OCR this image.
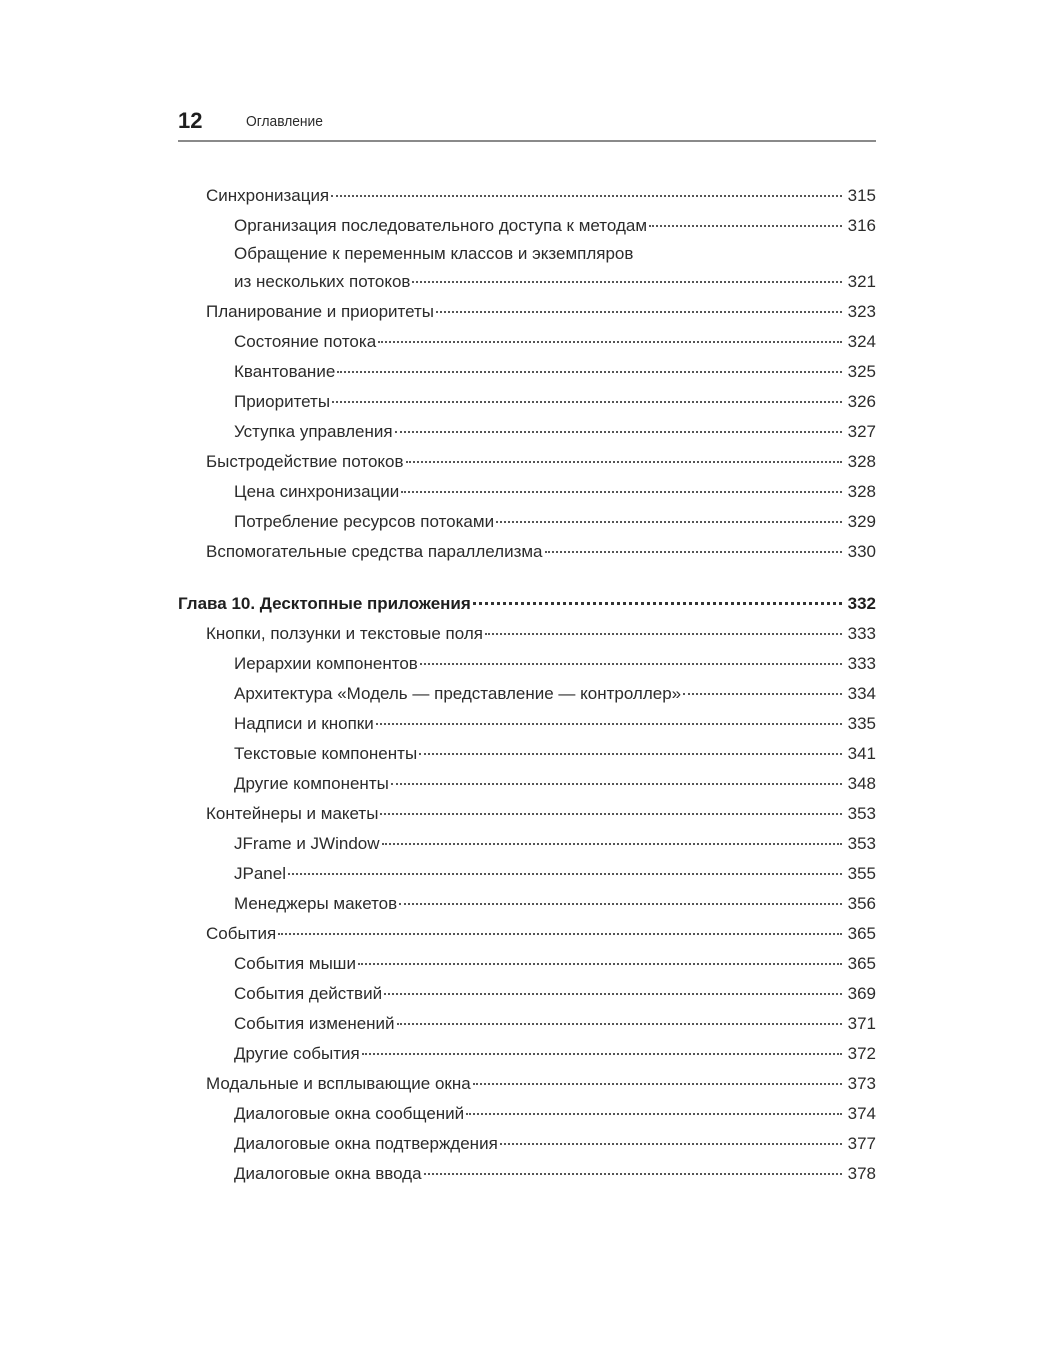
12	Оглавление
Синхронизация	315
Организация последовательного доступа к методам	316
Обращение к переменным классов и экземпляров
из нескольких потоков	321
Планирование и приоритеты	323
Состояние потока	324
Квантование	325
Приоритеты	326
Уступка управления	327
Быстродействие потоков	328
Цена синхронизации	328
Потребление ресурсов потоками	329
Вспомогательные средства параллелизма	330
Глава 10. Десктопные приложения	332
Кнопки, ползунки и текстовые поля	333
Иерархии компонентов	333
Архитектура «Модель — представление — контроллер»	334
Надписи и кнопки	335
Текстовые компоненты	341
Другие компоненты	348
Контейнеры и макеты	353
JFrame и JWindow	353
JPanel	355
Менеджеры макетов	356
События	365
События мыши	365
События действий	369
События изменений	371
Другие события	372
Модальные и всплывающие окна	373
Диалоговые окна сообщений	374
Диалоговые окна подтверждения	377
Диалоговые окна ввода	378
